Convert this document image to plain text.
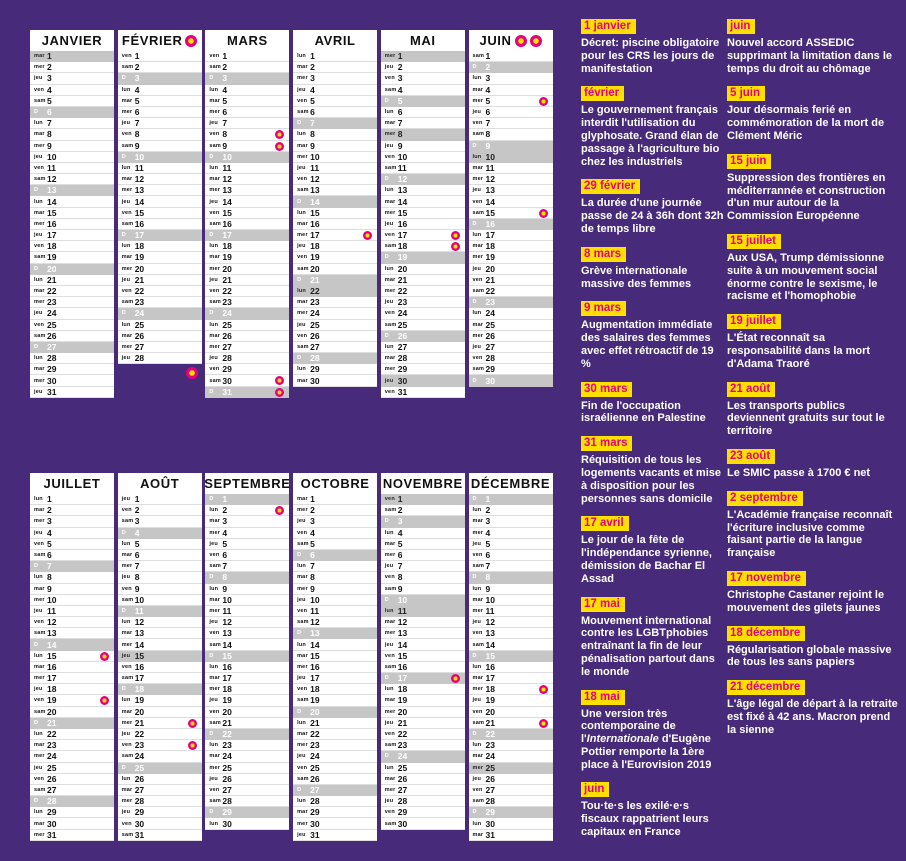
JANVIER
mar 1
mer 2
jeu 3
ven 4
sam 5
D	6
lun 7
mar 8
mer 9
jeu 10
ven 11
sam 12
D	13
lun 14
mar 15
mer 16
jeu 17
ven 18
sam 19
D	20
lun 21
mar 22
mer 23
jeu 24
ven 25
sam 26
D	27
lun 28
mar 29
mer 30
jeu 31
FÉVRIER
ven 1
sam 2
D	3
lun 4
mar 5
mer 6
jeu 7
ven 8
sam 9
D	10
lun 11
mar 12
mer 13
jeu 14
ven 15
sam 16
D	17
lun 18
mar 19
mer 20
jeu 21
ven 22
sam 23
D	24
lun 25
mar 26
mer 27
jeu 28
MARS
ven 1
sam 2
D	3
lun 4
mar 5
mer 6
jeu 7
ven 8
sam 9
D	10
lun 11
mar 12
mer 13
jeu 14
ven 15
sam 16
D	17
lun 18
mar 19
mer 20
jeu 21
ven 22
sam 23
D	24
lun 25
mar 26
mer 27
jeu 28
ven 29
sam 30
D	31
AVRIL
lun 1
mar 2
mer 3
jeu 4
ven 5
sam 6
D	7
lun 8
mar 9
mer 10
jeu 11
ven 12
sam 13
D	14
lun 15
mar 16
mer 17
jeu 18
ven 19
sam 20
D	21
lun 22
mar 23
mer 24
jeu 25
ven 26
sam 27
D	28
lun 29
mar 30
MAI
mer 1
jeu 2
ven 3
sam 4
D	5
lun 6
mar 7
mer 8
jeu 9
ven 10
sam 11
D	12
lun 13
mar 14
mer 15
jeu 16
ven 17
sam 18
D	19
lun 20
mar 21
mer 22
jeu 23
ven 24
sam 25
D	26
lun 27
mar 28
mer 29
jeu 30
ven 31
JUIN
sam 1
D	2
lun 3
mar 4
mer 5
jeu 6
ven 7
sam 8
D	9
lun 10
mar 11
mer 12
jeu 13
ven 14
sam 15
D	16
lun 17
mar 18
mer 19
jeu 20
ven 21
sam 22
D	23
lun 24
mar 25
mer 26
jeu 27
ven 28
sam 29
D	30
JUILLET
lun 1
mar 2
mer 3
jeu 4
ven 5
sam 6
D	7
lun 8
mar 9
mer 10
jeu 11
ven 12
sam 13
D	14
lun 15
mar 16
mer 17
jeu 18
ven 19
sam 20
D	21
lun 22
mar 23
mer 24
jeu 25
ven 26
sam 27
D	28
lun 29
mar 30
mer 31
AOÛT
jeu 1
ven 2
sam 3
D	4
lun 5
mar 6
mer 7
jeu 8
ven 9
sam 10
D	11
lun 12
mar 13
mer 14
jeu 15
ven 16
sam 17
D	18
lun 19
mar 20
mer 21
jeu 22
ven 23
sam 24
D	25
lun 26
mar 27
mer 28
jeu 29
ven 30
sam 31
SEPTEMBRE
D	1
lun 2
mar 3
mer 4
jeu 5
ven 6
sam 7
D	8
lun 9
mar 10
mer 11
jeu 12
ven 13
sam 14
D	15
lun 16
mar 17
mer 18
jeu 19
ven 20
sam 21
D	22
lun 23
mar 24
mer 25
jeu 26
ven 27
sam 28
D	29
lun 30
OCTOBRE
mar 1
mer 2
jeu 3
ven 4
sam 5
D	6
lun 7
mar 8
mer 9
jeu 10
ven 11
sam 12
D	13
lun 14
mar 15
mer 16
jeu 17
ven 18
sam 19
D	20
lun 21
mar 22
mer 23
jeu 24
ven 25
sam 26
D	27
lun 28
mar 29
mer 30
jeu 31
NOVEMBRE
ven 1
sam 2
D	3
lun 4
mar 5
mer 6
jeu 7
ven 8
sam 9
D	10
lun 11
mar 12
mer 13
jeu 14
ven 15
sam 16
D	17
lun 18
mar 19
mer 20
jeu 21
ven 22
sam 23
D	24
lun 25
mar 26
mer 27
jeu 28
ven 29
sam 30
DÉCEMBRE
D	1
lun 2
mar 3
mer 4
jeu 5
ven 6
sam 7
D	8
lun 9
mar 10
mer 11
jeu 12
ven 13
sam 14
D	15
lun 16
mar 17
mer 18
jeu 19
ven 20
sam 21
D	22
lun 23
mar 24
mer 25
jeu 26
ven 27
sam 28
D	29
lun 30
mar 31
1 janvier
Décret: piscine obligatoire pour les CRS les jours de manifestation
février
Le gouvernement français interdit l'utilisation du glyphosate. Grand élan de passage à l'agriculture bio chez les industriels
29 février
La durée d'une journée passe de 24 à 36h dont 32h de temps libre
8 mars
Grève internationale massive des femmes
9 mars
Augmentation immédiate des salaires des femmes avec effet rétroactif de 19 %
30 mars
Fin de l'occupation israélienne en Palestine
31 mars
Réquisition de tous les logements vacants et mise à disposition pour les personnes sans domicile
17 avril
Le jour de la fête de l'indépendance syrienne, démission de Bachar El Assad
17 mai
Mouvement international contre les LGBTphobies entraînant la fin de leur pénalisation partout dans le monde
18 mai
Une version très contemporaine de l'Internationale d'Eugène Pottier remporte la 1ère place à l'Eurovision 2019
juin
Tou·te·s les exilé·e·s fiscaux rappatrient leurs capitaux en France
juin
Nouvel accord ASSEDIC supprimant la limitation dans le temps du droit au chômage
5 juin
Jour désormais ferié en commémoration de la mort de Clément Méric
15 juin
Suppression des frontières en méditerrannée et construction d'un mur autour de la Commission Européenne
15 juillet
Aux USA, Trump démissionne suite à un mouvement social énorme contre le sexisme, le racisme et l'homophobie
19 juillet
L'État reconnaît sa responsabilité dans la mort d'Adama Traoré
21 août
Les transports publics deviennent gratuits sur tout le territoire
23 août
Le SMIC passe à 1700 € net
2 septembre
L'Académie française reconnaît l'écriture inclusive comme faisant partie de la langue française
17 novembre
Christophe Castaner rejoint le mouvement des gilets jaunes
18 décembre
Régularisation globale massive de tous les sans papiers
21 décembre
L'âge légal de départ à la retraite est fixé à 42 ans. Macron prend la sienne
